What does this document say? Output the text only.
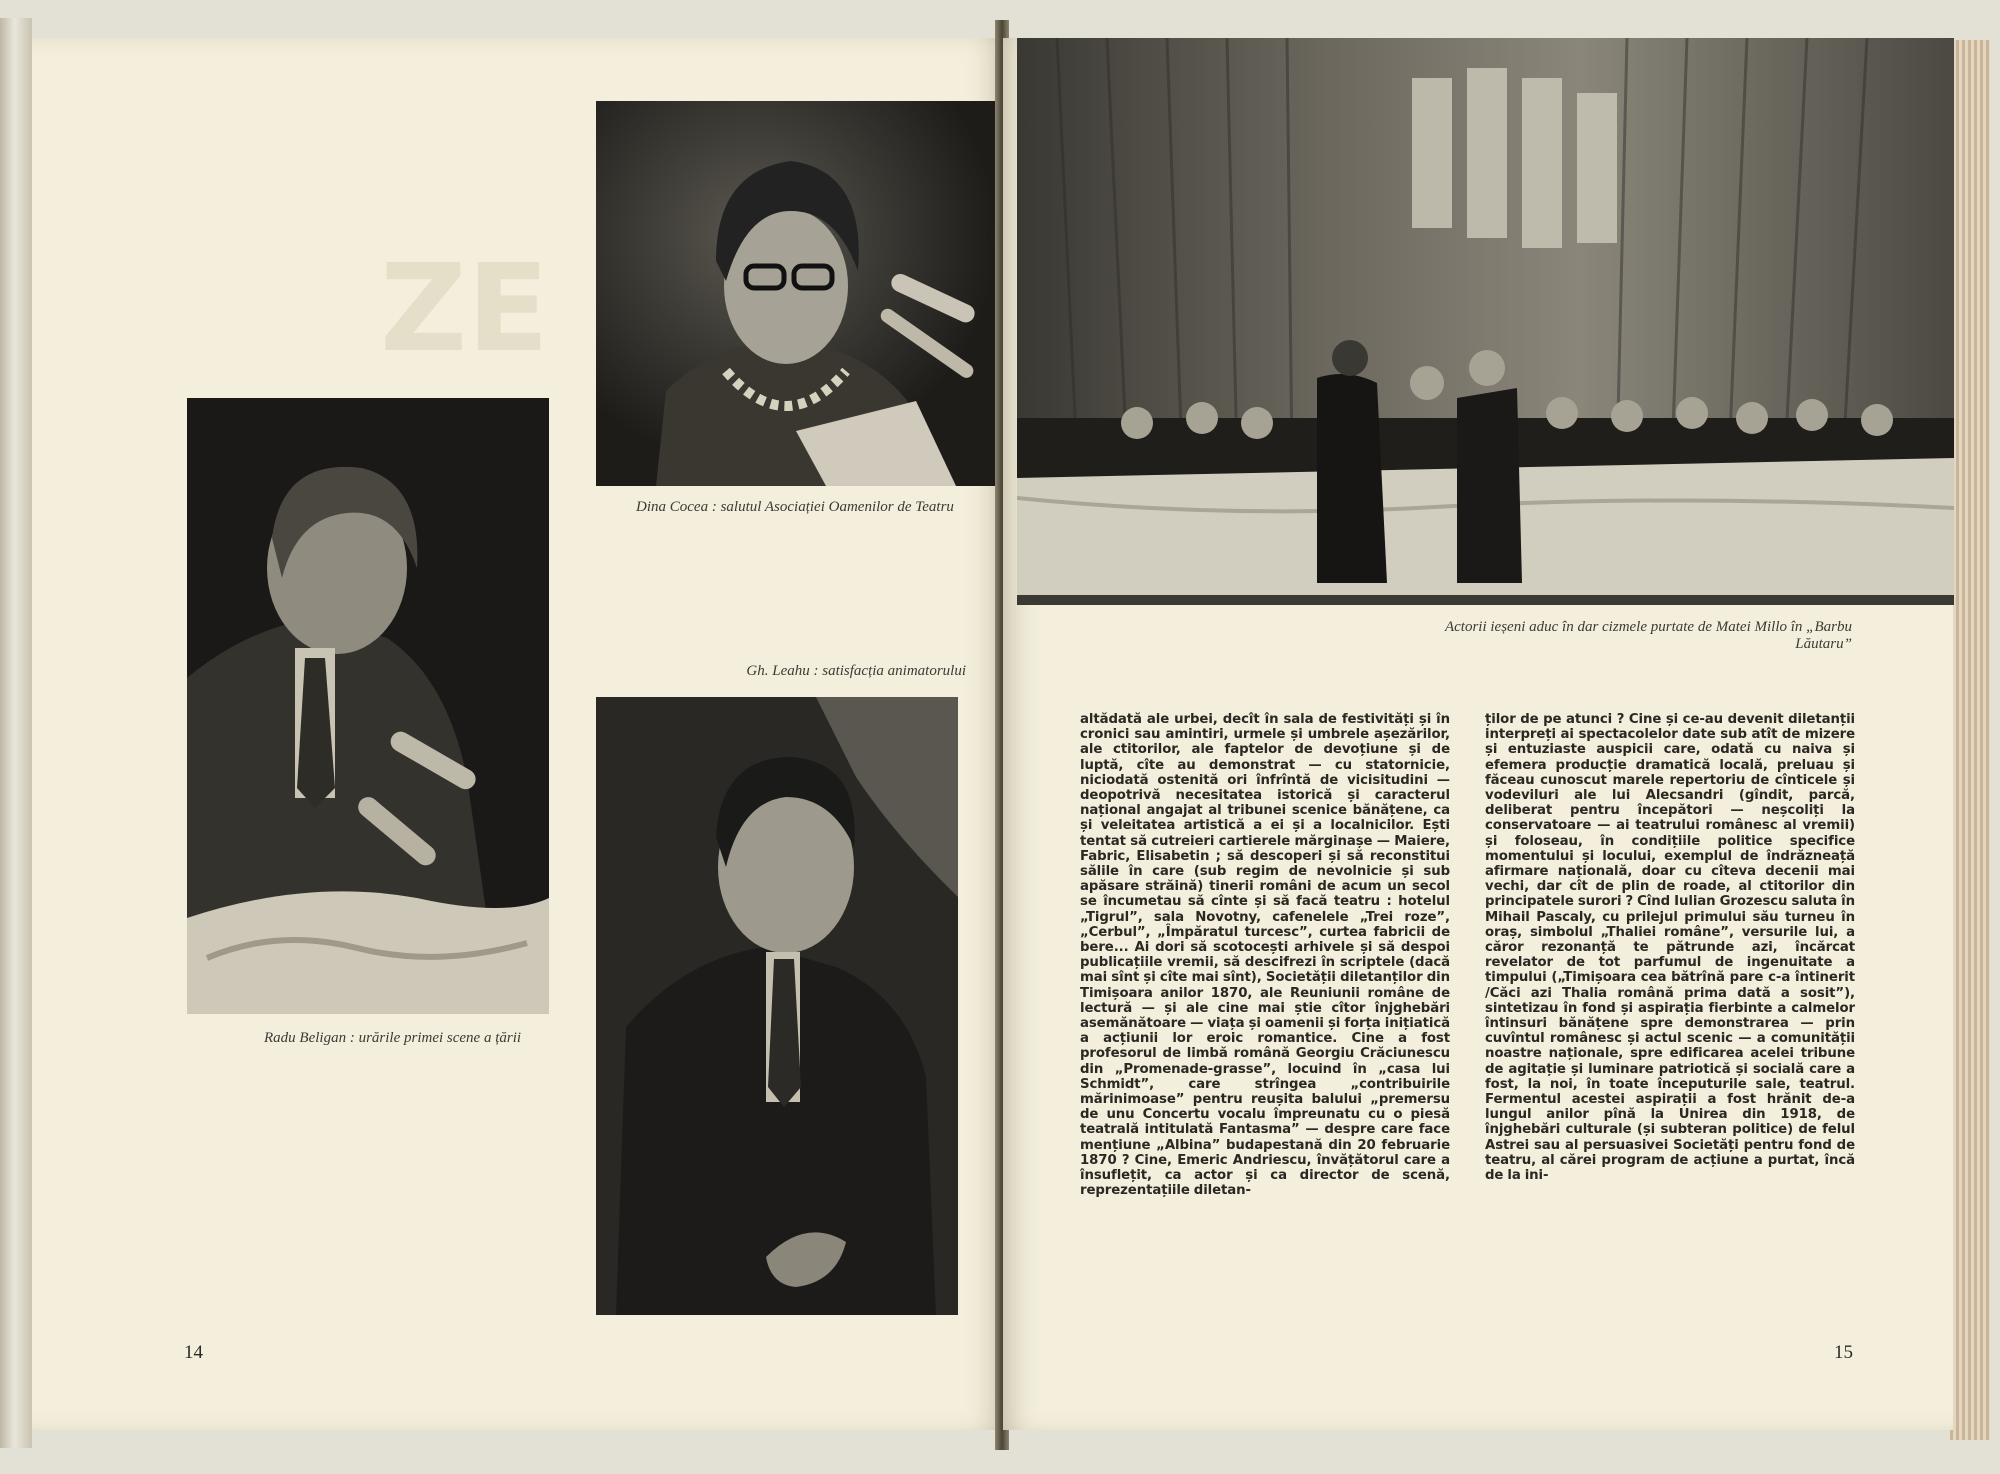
ZE

Dina Cocea : salutul Asociației Oamenilor de Teatru
Radu Beligan : urările primei scene a țării
Gh. Leahu : satisfacția animatorului
14
Actorii ieșeni aduc în dar cizmele purtate de Matei Millo în „Barbu Lăutaru”
altădată ale urbei, decît în sala de festivități și în cronici sau amintiri, urmele și umbrele așezărilor, ale ctitorilor, ale faptelor de devoțiune și de luptă, cîte au demonstrat — cu statornicie, niciodată ostenită ori înfrîntă de vicisitudini — deopotrivă necesitatea istorică și caracterul național angajat al tribunei scenice bănățene, ca și veleitatea artistică a ei și a localnicilor. Ești tentat să cutreieri cartierele mărginașe — Maiere, Fabric, Elisabetin ; să descoperi și să reconstitui sălile în care (sub regim de nevolnicie și sub apăsare străină) tinerii români de acum un secol se încumetau să cînte și să facă teatru : hotelul „Tigrul”, sala Novotny, cafenelele „Trei roze”, „Cerbul”, „Împăratul turcesc”, curtea fabricii de bere... Ai dori să scotocești arhivele și să despoi publicațiile vremii, să descifrezi în scriptele (dacă mai sînt și cîte mai sînt), Societății diletanților din Timișoara anilor 1870, ale Reuniunii române de lectură — și ale cine mai știe cîtor înjghebări asemănătoare — viața și oamenii și forța inițiatică a acțiunii lor eroic romantice. Cine a fost profesorul de limbă română Georgiu Crăciunescu din „Promenade-grasse”, locuind în „casa lui Schmidt”, care strîngea „contribuirile mărinimoase” pentru reușita balului „premersu de unu Concertu vocalu împreunatu cu o piesă teatrală intitulată Fantasma” — despre care face mențiune „Albina” budapestană din 20 februarie 1870 ? Cine, Emeric Andriescu, învățătorul care a însuflețit, ca actor și ca director de scenă, reprezentațiile diletan-
ților de pe atunci ? Cine și ce-au devenit diletanții interpreți ai spectacolelor date sub atît de mizere și entuziaste auspicii care, odată cu naiva și efemera producție dramatică locală, preluau și făceau cunoscut marele repertoriu de cînticele și vodeviluri ale lui Alecsandri (gîndit, parcă, deliberat pentru începători — neșcoliți la conservatoare — ai teatrului românesc al vremii) și foloseau, în condițiile politice specifice momentului și locului, exemplul de îndrăzneață afirmare națională, doar cu cîteva decenii mai vechi, dar cît de plin de roade, al ctitorilor din principatele surori ? Cînd Iulian Grozescu saluta în Mihail Pascaly, cu prilejul primului său turneu în oraș, simbolul „Thaliei române”, versurile lui, a căror rezonanță te pătrunde azi, încărcat revelator de tot parfumul de ingenuitate a timpului („Timișoara cea bătrînă pare c-a întinerit /Căci azi Thalia română prima dată a sosit”), sintetizau în fond și aspirația fierbinte a calmelor întinsuri bănățene spre demonstrarea — prin cuvîntul românesc și actul scenic — a comunității noastre naționale, spre edificarea acelei tribune de agitație și luminare patriotică și socială care a fost, la noi, în toate începuturile sale, teatrul. Fermentul acestei aspirații a fost hrănit de-a lungul anilor pînă la Unirea din 1918, de înjghebări culturale (și subteran politice) de felul Astrei sau al persuasivei Societăți pentru fond de teatru, al cărei program de acțiune a purtat, încă de la ini-
15
